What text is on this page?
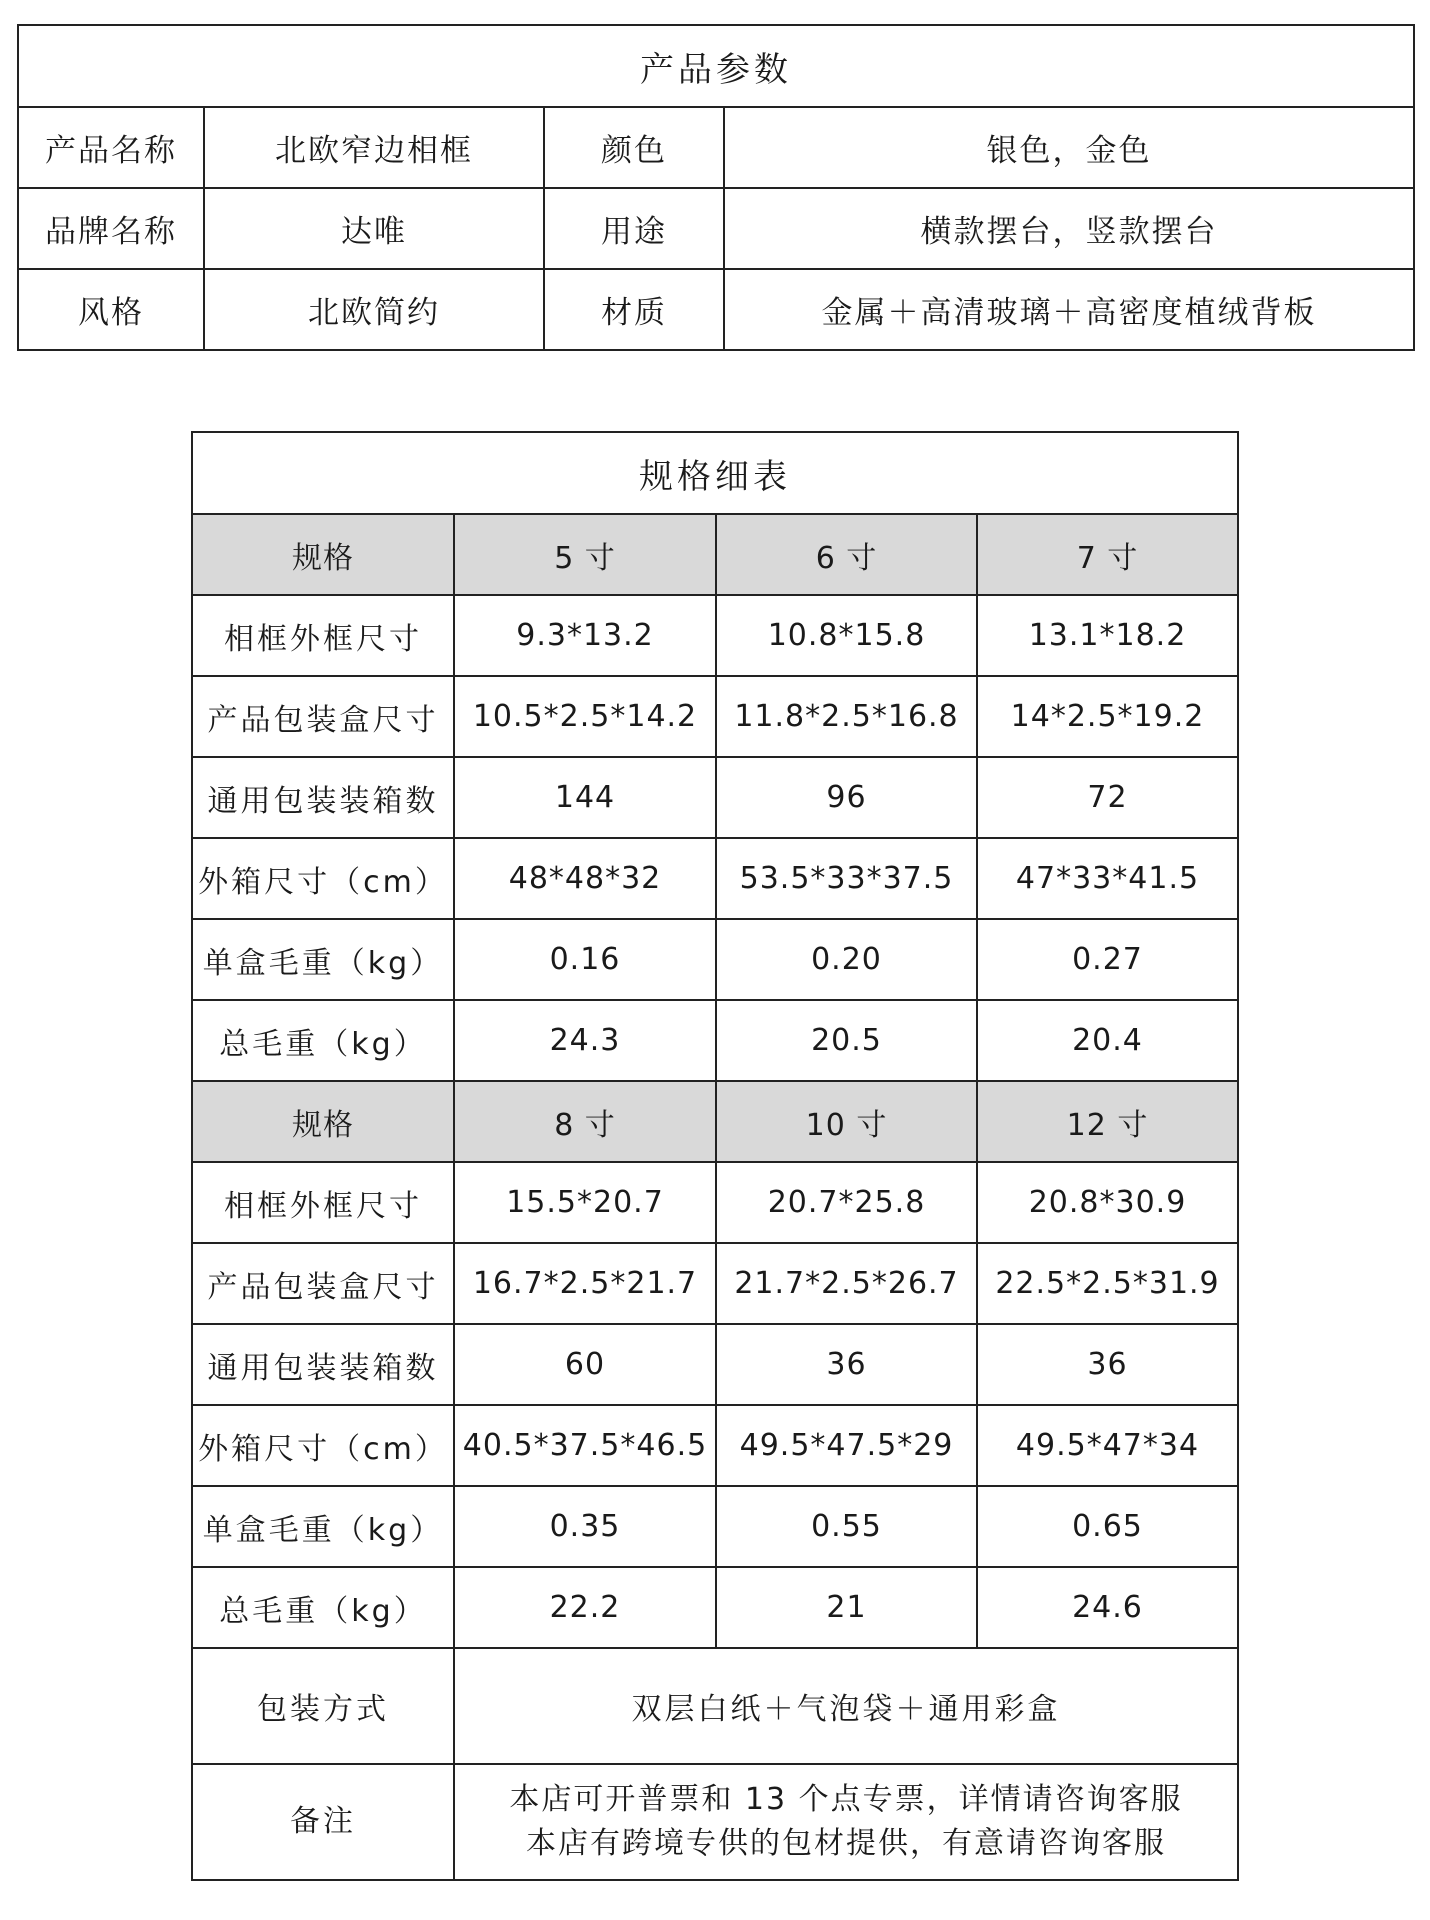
产品参数			
产品名称	北欧窄边相框	颜色	银色，金色
品牌名称	达唯	用途	横款摆台，竖款摆台
风格	北欧简约	材质	金属＋高清玻璃＋高密度植绒背板
规格细表			
规格	5 寸	6 寸	7 寸
相框外框尺寸	9.3*13.2	10.8*15.8	13.1*18.2
产品包装盒尺寸	10.5*2.5*14.2	11.8*2.5*16.8	14*2.5*19.2
通用包装装箱数	144	96	72
外箱尺寸（cm）	48*48*32	53.5*33*37.5	47*33*41.5
单盒毛重（kg）	0.16	0.20	0.27
总毛重（kg）	24.3	20.5	20.4
规格	8 寸	10 寸	12 寸
相框外框尺寸	15.5*20.7	20.7*25.8	20.8*30.9
产品包装盒尺寸	16.7*2.5*21.7	21.7*2.5*26.7	22.5*2.5*31.9
通用包装装箱数	60	36	36
外箱尺寸（cm）	40.5*37.5*46.5	49.5*47.5*29	49.5*47*34
单盒毛重（kg）	0.35	0.55	0.65
总毛重（kg）	22.2	21	24.6
包装方式	双层白纸＋气泡袋＋通用彩盒		
备注	本店可开普票和 13 个点专票，详情请咨询客服
本店有跨境专供的包材提供，有意请咨询客服		
